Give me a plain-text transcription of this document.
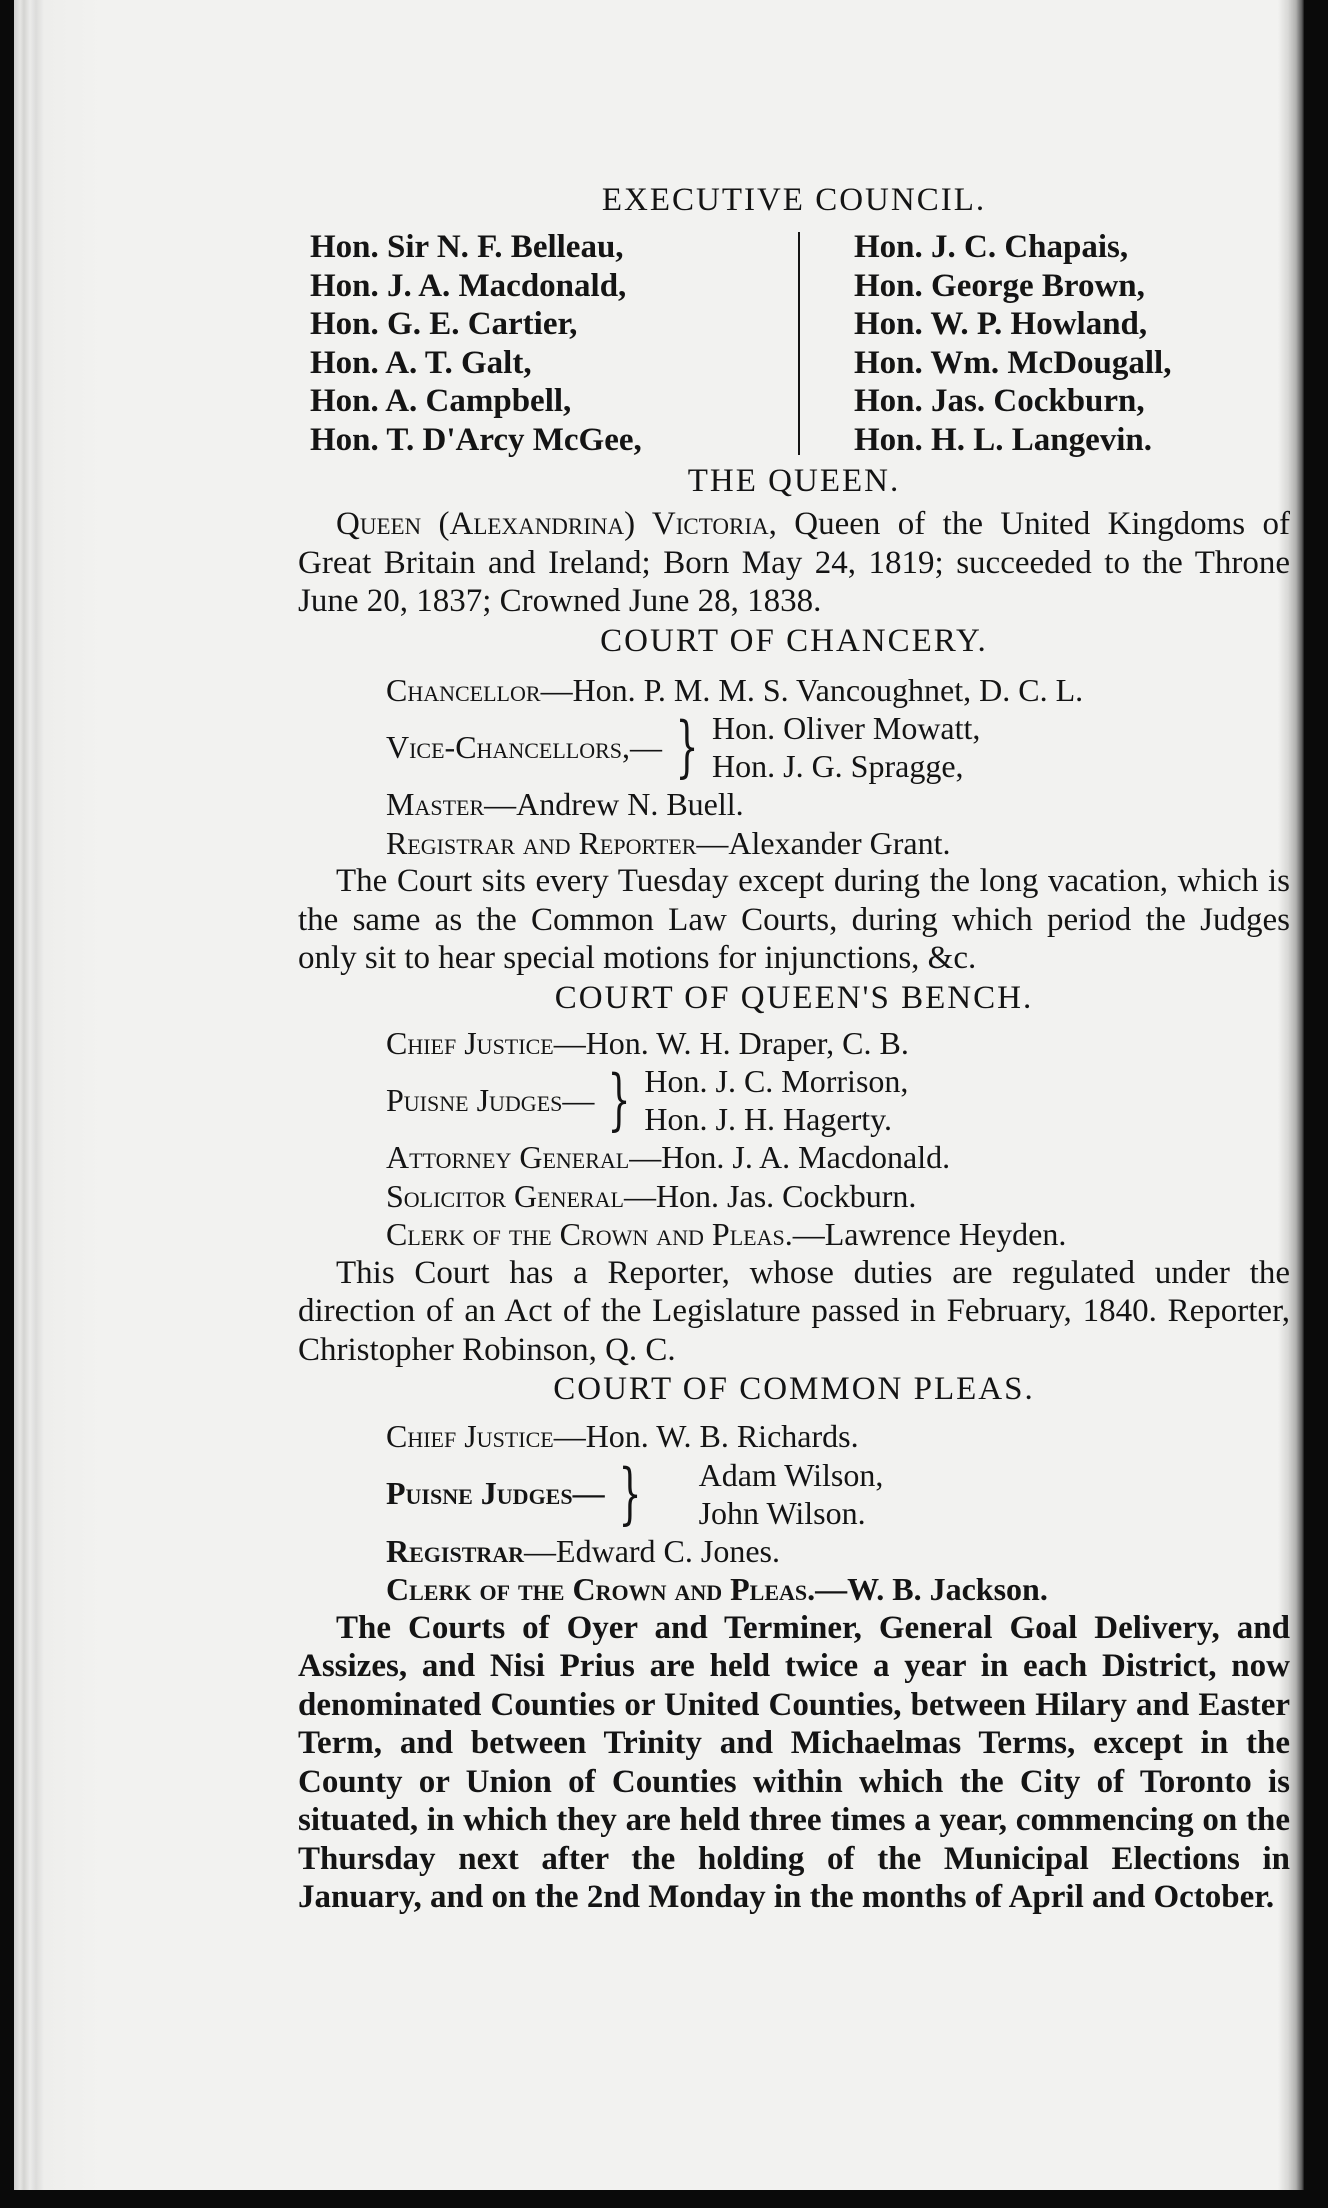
EXECUTIVE COUNCIL.
Hon. Sir N. F. Belleau,
Hon. J. A. Macdonald,
Hon. G. E. Cartier,
Hon. A. T. Galt,
Hon. A. Campbell,
Hon. T. D'Arcy McGee,
Hon. J. C. Chapais,
Hon. George Brown,
Hon. W. P. Howland,
Hon. Wm. McDougall,
Hon. Jas. Cockburn,
Hon. H. L. Langevin.
THE QUEEN.

Queen (Alexandrina) Victoria, Queen of the United Kingdoms of Great Britain and Ireland; Born May 24, 1819; succeeded to the Throne June 20, 1837; Crowned June 28, 1838.

COURT OF CHANCERY.
Chancellor—Hon. P. M. M. S. Vancoughnet, D. C. L.
Vice-Chancellors,— } Hon. Oliver Mowatt,
Hon. J. G. Spragge,
Master—Andrew N. Buell.
Registrar and Reporter—Alexander Grant.

The Court sits every Tuesday except during the long vacation, which is the same as the Common Law Courts, during which period the Judges only sit to hear special motions for injunctions, &c.

COURT OF QUEEN'S BENCH.
Chief Justice—Hon. W. H. Draper, C. B.
Puisne Judges— } Hon. J. C. Morrison,
Hon. J. H. Hagerty.
Attorney General—Hon. J. A. Macdonald.
Solicitor General—Hon. Jas. Cockburn.
Clerk of the Crown and Pleas.—Lawrence Heyden.

This Court has a Reporter, whose duties are regulated under the direction of an Act of the Legislature passed in February, 1840. Reporter, Christopher Robinson, Q. C.

COURT OF COMMON PLEAS.
Chief Justice—Hon. W. B. Richards.
Puisne Judges— } Adam Wilson,
John Wilson.
Registrar—Edward C. Jones.
Clerk of the Crown and Pleas.—W. B. Jackson.

The Courts of Oyer and Terminer, General Goal Delivery, and Assizes, and Nisi Prius are held twice a year in each District, now denominated Counties or United Counties, between Hilary and Easter Term, and between Trinity and Michaelmas Terms, except in the County or Union of Counties within which the City of Toronto is situated, in which they are held three times a year, commencing on the Thursday next after the holding of the Municipal Elections in January, and on the 2nd Monday in the months of April and October.
